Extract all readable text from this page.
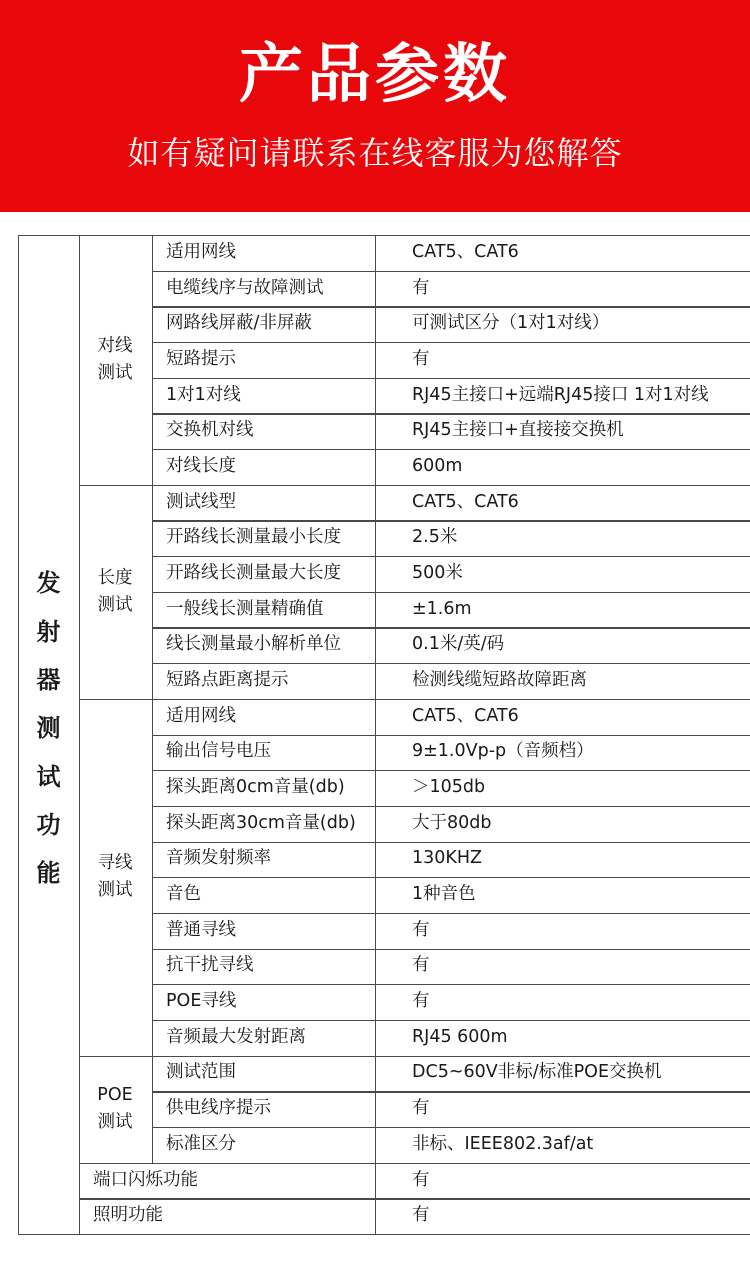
产品参数
如有疑问请联系在线客服为您解答
对线
测试
适用网线	CAT5、CAT6
电缆线序与故障测试	有
网路线屏蔽/非屏蔽	可测试区分（1对1对线）
短路提示	有
1对1对线	RJ45主接口+远端RJ45接口 1对1对线
交换机对线	RJ45主接口+直接接交换机
对线长度	600m
长度
测试
测试线型	CAT5、CAT6
开路线长测量最小长度	2.5米
开路线长测量最大长度	500米
一般线长测量精确值	±1.6m
线长测量最小解析单位	0.1米/英/码
短路点距离提示	检测线缆短路故障距离
寻线
测试
适用网线	CAT5、CAT6
输出信号电压	9±1.0Vp-p（音频档）
探头距离0cm音量(db)	＞105db
探头距离30cm音量(db)	大于80db
音频发射频率	130KHZ
音色	1种音色
普通寻线	有
抗干扰寻线	有
POE寻线	有
音频最大发射距离	RJ45 600m
POE
测试
测试范围	DC5~60V非标/标准POE交换机
供电线序提示	有
标准区分	非标、IEEE802.3af/at
端口闪烁功能	有
照明功能	有
发射器测试功能
